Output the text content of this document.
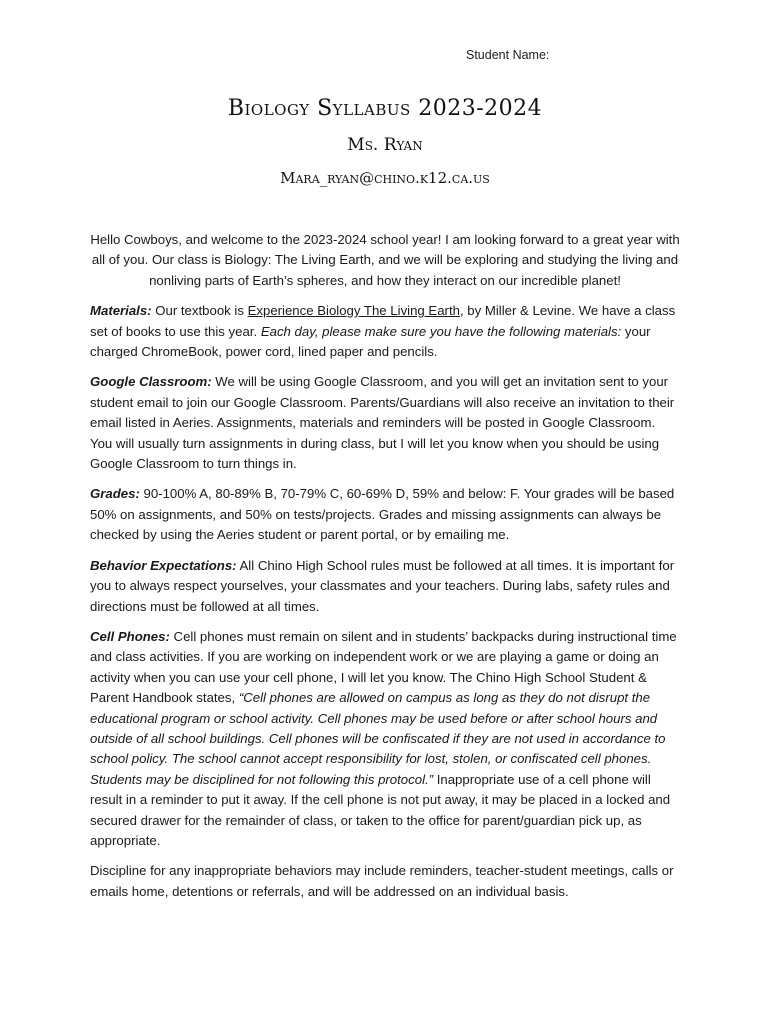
Student Name:
Biology Syllabus 2023-2024
Ms. Ryan
Mara_ryan@chino.k12.ca.us

Hello Cowboys, and welcome to the 2023-2024 school year! I am looking forward to a great year with all of you. Our class is Biology: The Living Earth, and we will be exploring and studying the living and nonliving parts of Earth’s spheres, and how they interact on our incredible planet!

Materials: Our textbook is Experience Biology The Living Earth, by Miller & Levine. We have a class set of books to use this year. Each day, please make sure you have the following materials: your charged ChromeBook, power cord, lined paper and pencils.

Google Classroom: We will be using Google Classroom, and you will get an invitation sent to your student email to join our Google Classroom. Parents/Guardians will also receive an invitation to their email listed in Aeries. Assignments, materials and reminders will be posted in Google Classroom. You will usually turn assignments in during class, but I will let you know when you should be using Google Classroom to turn things in.

Grades: 90-100% A, 80-89% B, 70-79% C, 60-69% D, 59% and below: F. Your grades will be based 50% on assignments, and 50% on tests/projects. Grades and missing assignments can always be checked by using the Aeries student or parent portal, or by emailing me.

Behavior Expectations: All Chino High School rules must be followed at all times. It is important for you to always respect yourselves, your classmates and your teachers. During labs, safety rules and directions must be followed at all times.

Cell Phones: Cell phones must remain on silent and in students’ backpacks during instructional time and class activities. If you are working on independent work or we are playing a game or doing an activity when you can use your cell phone, I will let you know. The Chino High School Student & Parent Handbook states, “Cell phones are allowed on campus as long as they do not disrupt the educational program or school activity. Cell phones may be used before or after school hours and outside of all school buildings. Cell phones will be confiscated if they are not used in accordance to school policy. The school cannot accept responsibility for lost, stolen, or confiscated cell phones. Students may be disciplined for not following this protocol.” Inappropriate use of a cell phone will result in a reminder to put it away. If the cell phone is not put away, it may be placed in a locked and secured drawer for the remainder of class, or taken to the office for parent/guardian pick up, as appropriate.

Discipline for any inappropriate behaviors may include reminders, teacher-student meetings, calls or emails home, detentions or referrals, and will be addressed on an individual basis.
